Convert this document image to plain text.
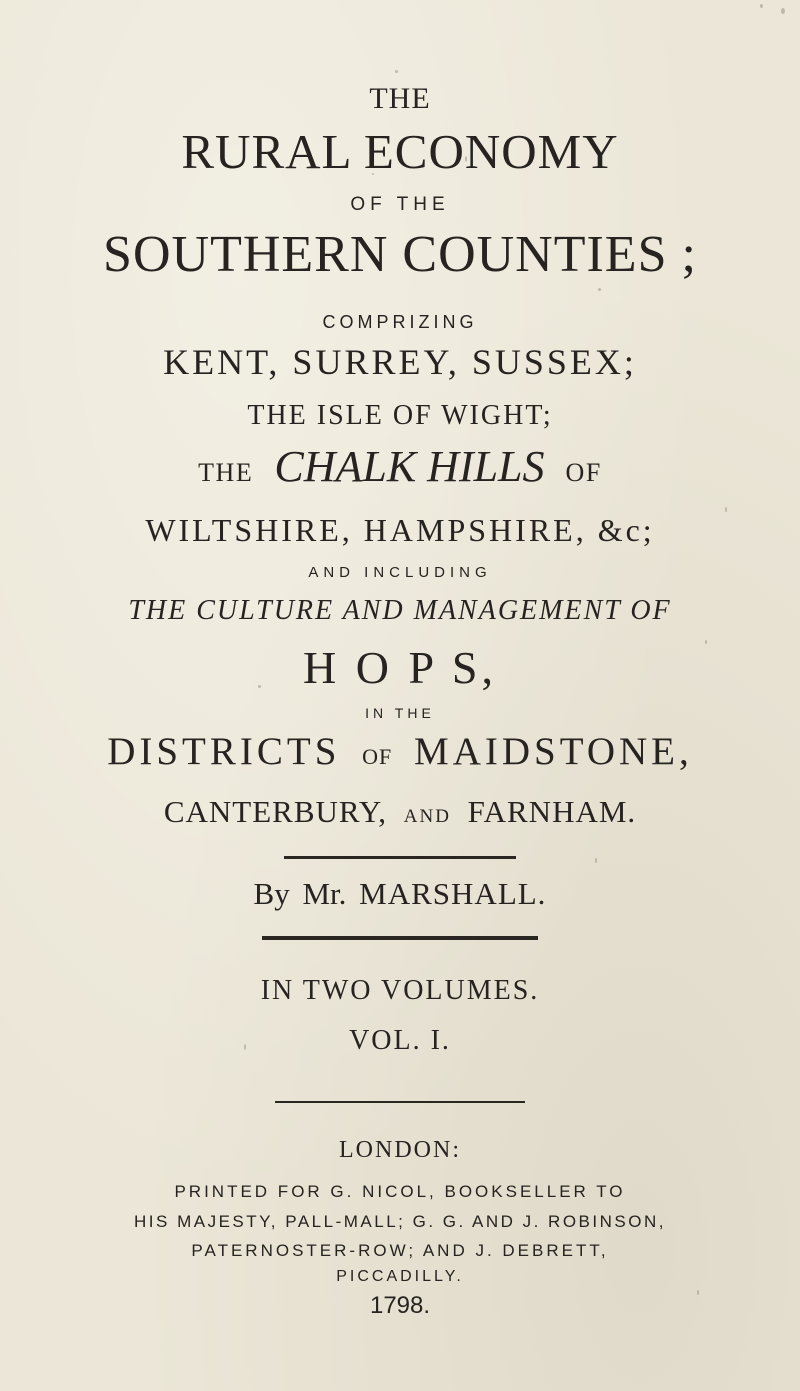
THE

RURAL ECONOMY

OF THE

SOUTHERN COUNTIES ;

COMPRIZING

KENT, SURREY, SUSSEX;

THE ISLE OF WIGHT;

THE CHALK HILLS OF

WILTSHIRE, HAMPSHIRE, &c;

AND INCLUDING

THE CULTURE AND MANAGEMENT OF

H O P S,

IN THE

DISTRICTS OF MAIDSTONE,

CANTERBURY, AND FARNHAM.

By Mr. MARSHALL.

IN TWO VOLUMES.

VOL. I.

LONDON:

PRINTED FOR G. NICOL, BOOKSELLER TO

HIS MAJESTY, PALL-MALL; G. G. AND J. ROBINSON,

PATERNOSTER-ROW; AND J. DEBRETT,

PICCADILLY.

1798.
